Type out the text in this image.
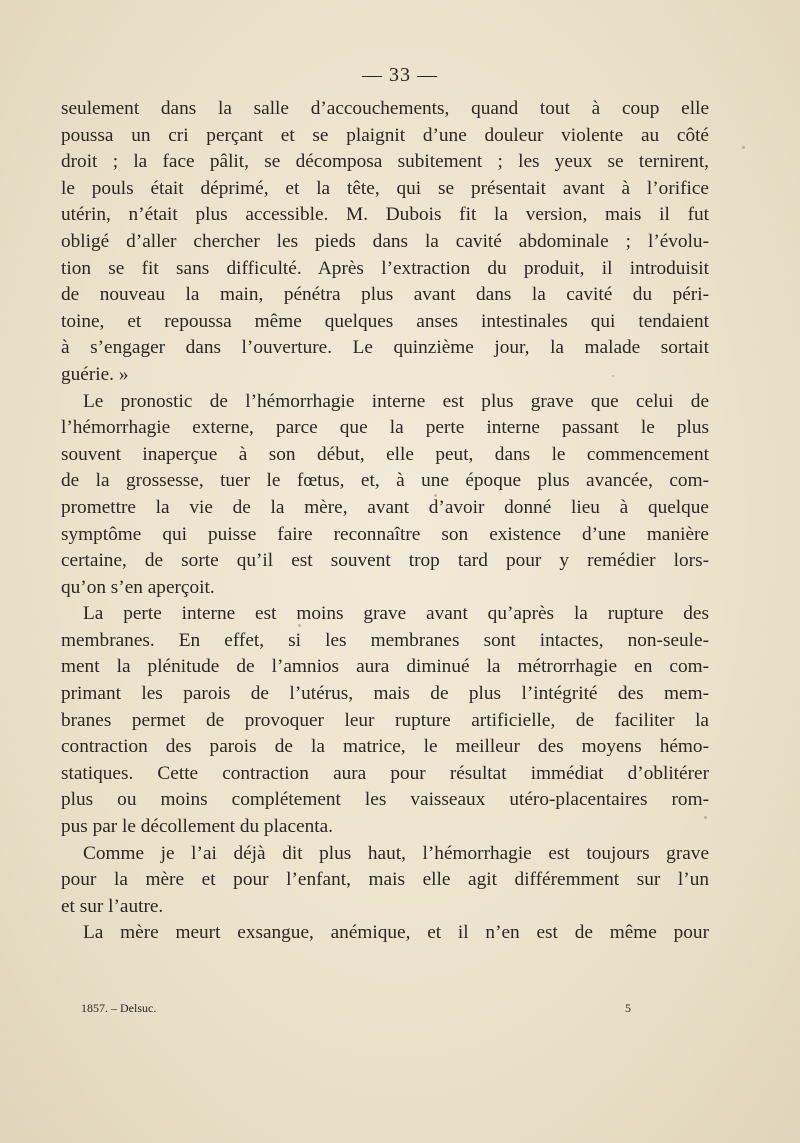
— 33 —
seulement dans la salle d’accouchements, quand tout à coup elle
poussa un cri perçant et se plaignit d’une douleur violente au côté
droit ; la face pâlit, se décomposa subitement ; les yeux se ternirent,
le pouls était déprimé, et la tête, qui se présentait avant à l’orifice
utérin, n’était plus accessible. M. Dubois fit la version, mais il fut
obligé d’aller chercher les pieds dans la cavité abdominale ; l’évolu-
tion se fit sans difficulté. Après l’extraction du produit, il introduisit
de nouveau la main, pénétra plus avant dans la cavité du péri-
toine, et repoussa même quelques anses intestinales qui tendaient
à s’engager dans l’ouverture. Le quinzième jour, la malade sortait
guérie. »
Le pronostic de l’hémorrhagie interne est plus grave que celui de
l’hémorrhagie externe, parce que la perte interne passant le plus
souvent inaperçue à son début, elle peut, dans le commencement
de la grossesse, tuer le fœtus, et, à une époque plus avancée, com-
promettre la vie de la mère, avant d’avoir donné lieu à quelque
symptôme qui puisse faire reconnaître son existence d’une manière
certaine, de sorte qu’il est souvent trop tard pour y remédier lors-
qu’on s’en aperçoit.
La perte interne est moins grave avant qu’après la rupture des
membranes. En effet, si les membranes sont intactes, non-seule-
ment la plénitude de l’amnios aura diminué la métrorrhagie en com-
primant les parois de l’utérus, mais de plus l’intégrité des mem-
branes permet de provoquer leur rupture artificielle, de faciliter la
contraction des parois de la matrice, le meilleur des moyens hémo-
statiques. Cette contraction aura pour résultat immédiat d’oblitérer
plus ou moins complétement les vaisseaux utéro-placentaires rom-
pus par le décollement du placenta.
Comme je l’ai déjà dit plus haut, l’hémorrhagie est toujours grave
pour la mère et pour l’enfant, mais elle agit différemment sur l’un
et sur l’autre.
La mère meurt exsangue, anémique, et il n’en est de même pour
1857. – Delsuc.	5
